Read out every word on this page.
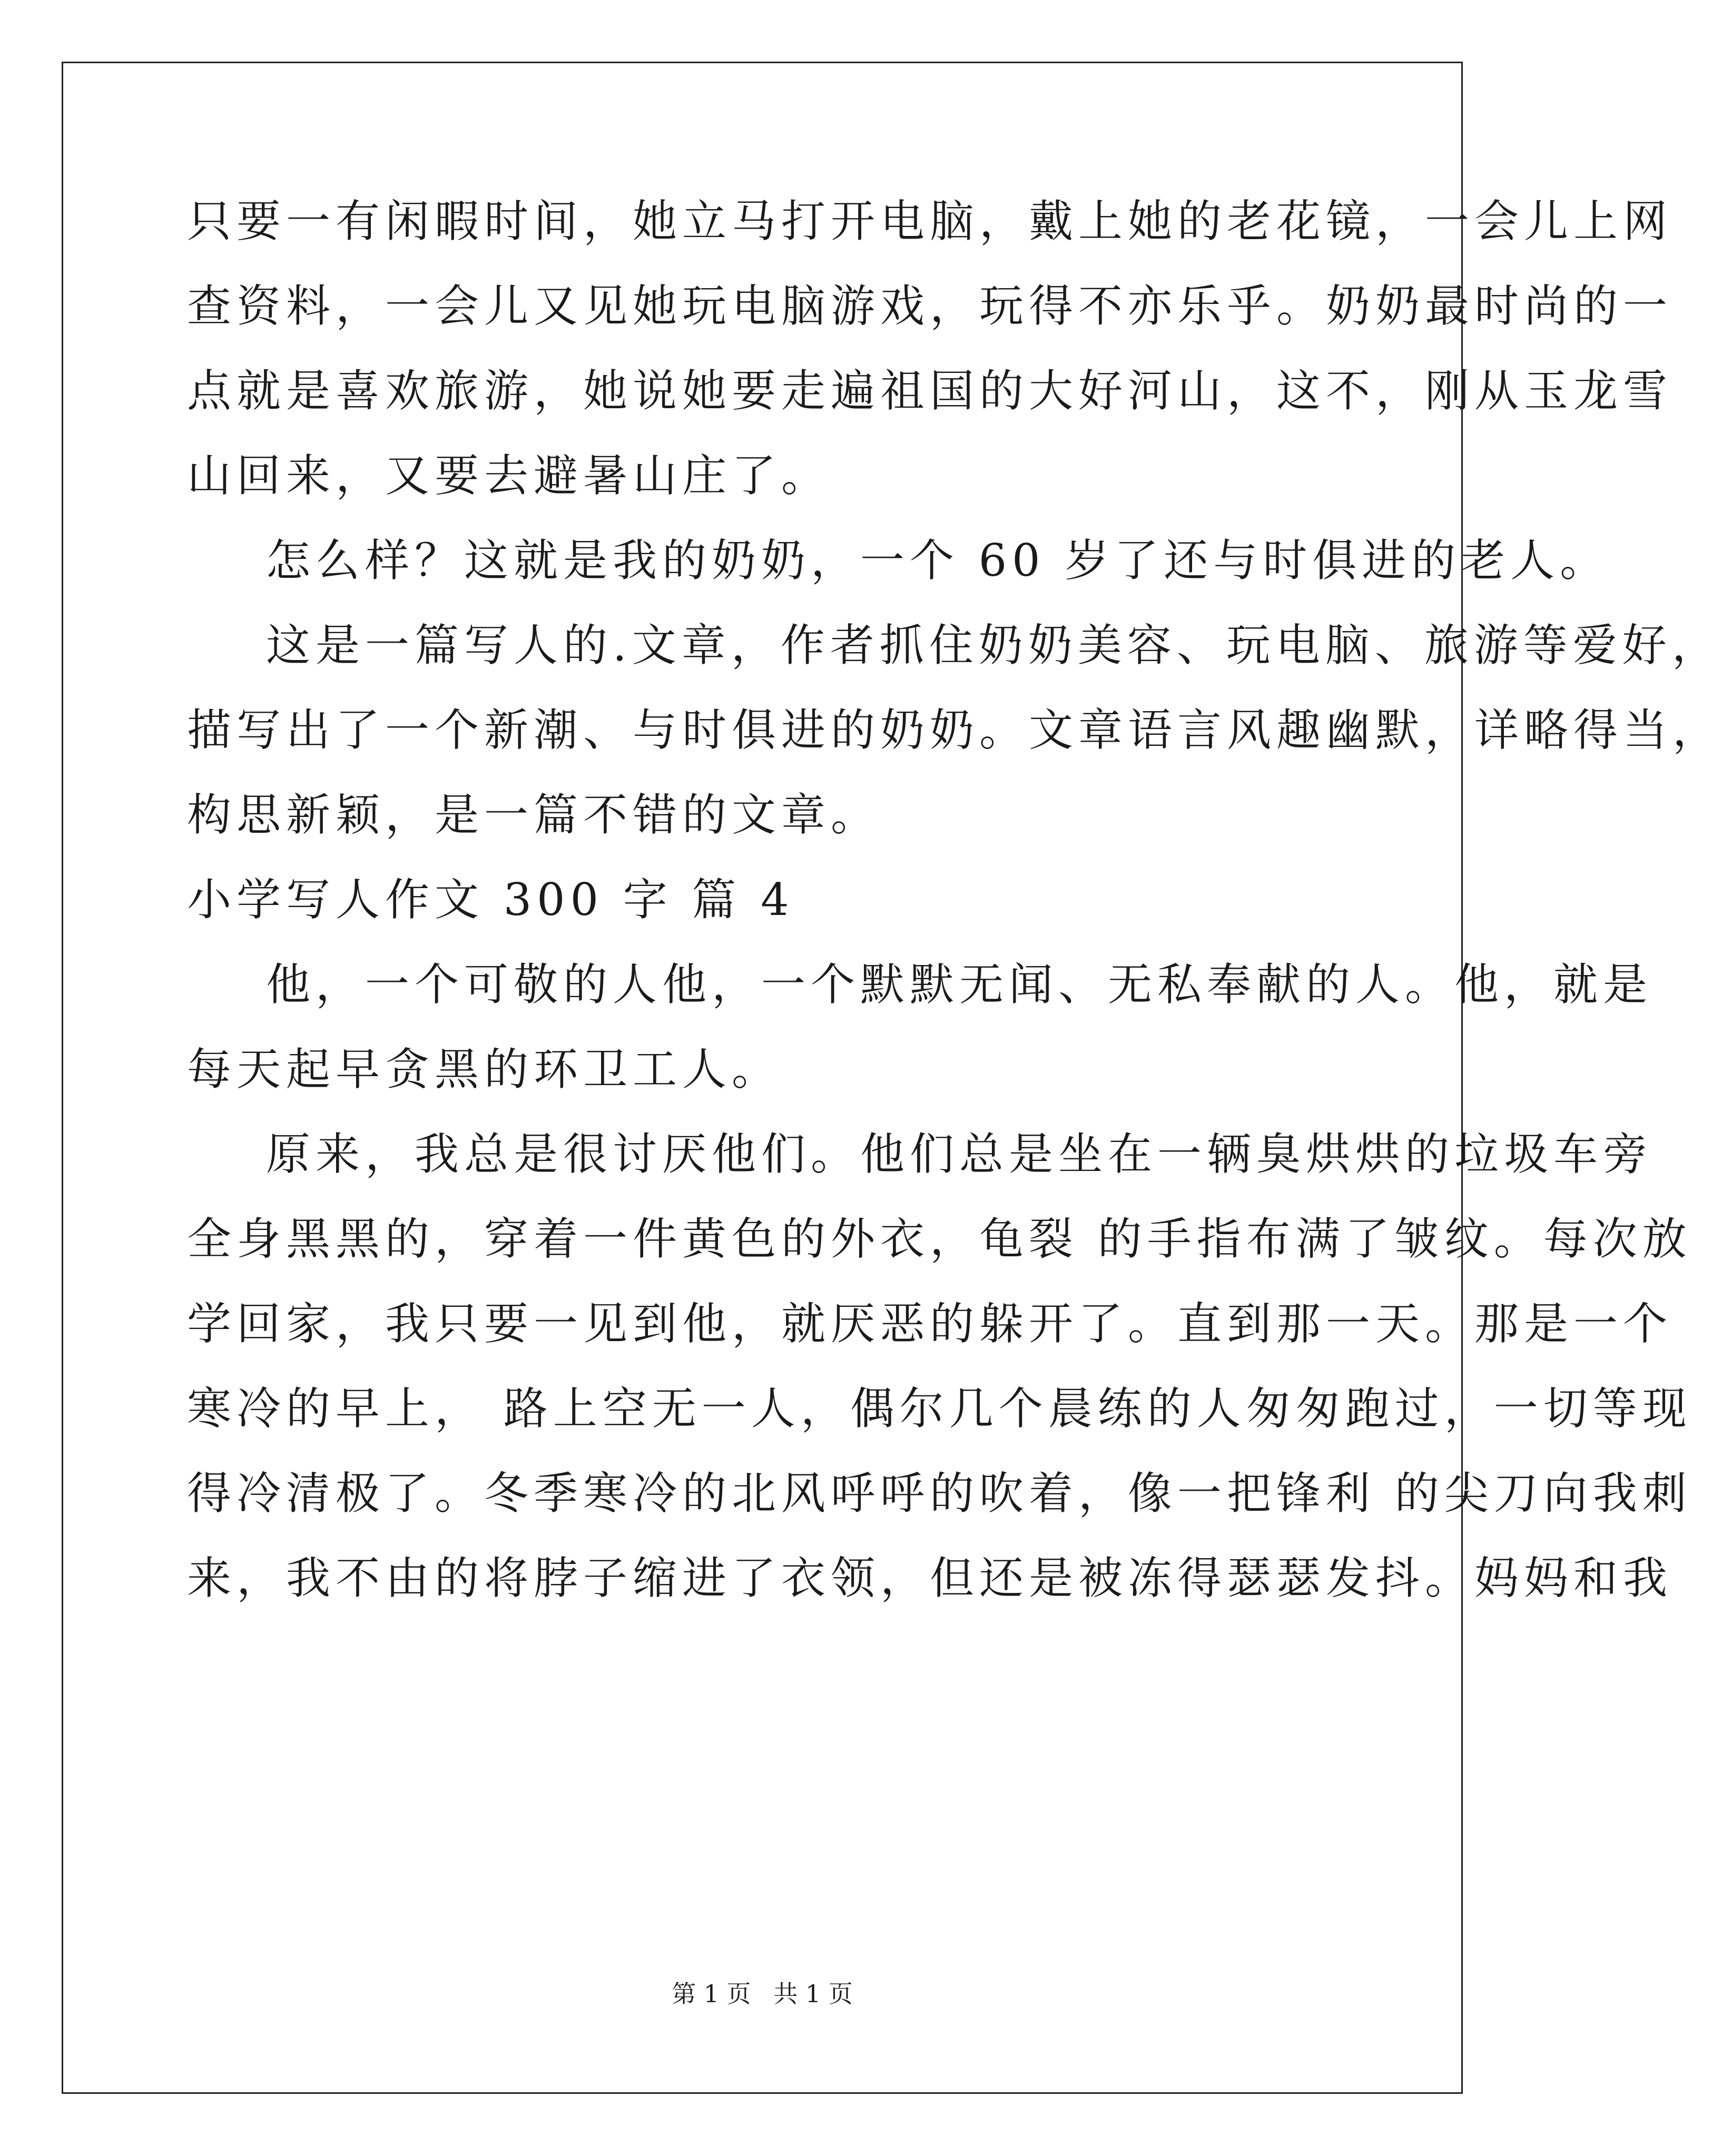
只要一有闲暇时间，她立马打开电脑，戴上她的老花镜，一会儿上网
查资料，一会儿又见她玩电脑游戏，玩得不亦乐乎。奶奶最时尚的一
点就是喜欢旅游，她说她要走遍祖国的大好河山，这不，刚从玉龙雪
山回来，又要去避暑山庄了。
怎么样？这就是我的奶奶，一个 60 岁了还与时俱进的老人。
这是一篇写人的.文章，作者抓住奶奶美容、玩电脑、旅游等爱好，
描写出了一个新潮、与时俱进的奶奶。文章语言风趣幽默，详略得当，
构思新颖，是一篇不错的文章。
小学写人作文 300 字 篇 4
他，一个可敬的人他，一个默默无闻、无私奉献的人。他，就是
每天起早贪黑的环卫工人。
原来，我总是很讨厌他们。他们总是坐在一辆臭烘烘的垃圾车旁
全身黑黑的，穿着一件黄色的外衣，龟裂 的手指布满了皱纹。每次放
学回家，我只要一见到他，就厌恶的躲开了。直到那一天。那是一个
寒冷的早上， 路上空无一人，偶尔几个晨练的人匆匆跑过，一切等现
得冷清极了。冬季寒冷的北风呼呼的吹着，像一把锋利 的尖刀向我刺
来，我不由的将脖子缩进了衣领，但还是被冻得瑟瑟发抖。妈妈和我
第 1 页 共 1 页
